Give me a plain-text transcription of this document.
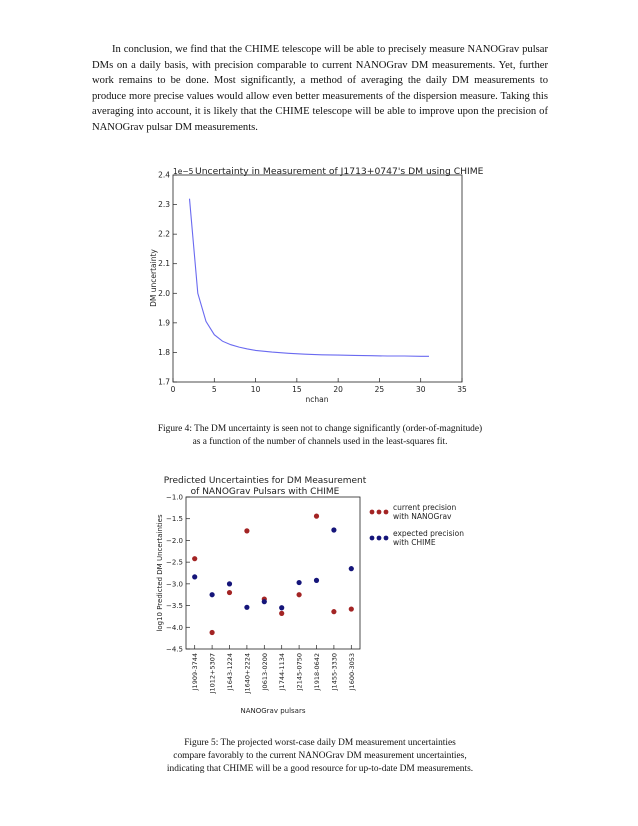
In conclusion, we find that the CHIME telescope will be able to precisely measure NANOGrav pulsar DMs on a daily basis, with precision comparable to current NANOGrav DM measurements. Yet, further work remains to be done. Most significantly, a method of averaging the daily DM measurements to produce more precise values would allow even better measurements of the dispersion measure. Taking this averaging into account, it is likely that the CHIME telescope will be able to improve upon the precision of NANOGrav pulsar DM measurements.

Uncertainty in Measurement of J1713+0747's DM using CHIME
1e−5
0	5	10	15	20	25	30	35
1.7
1.8
1.9
2.0
2.1
2.2
2.3
2.4
nchan
DM uncertainty

Figure 4: The DM uncertainty is seen not to change significantly (order-of-magnitude)
as a function of the number of channels used in the least-squares fit.

Predicted Uncertainties for DM Measurement
of NANOGrav Pulsars with CHIME
−4.5
−4.0
−3.5
−3.0
−2.5
−2.0
−1.5
−1.0
J1909-3744 J1012+5307 J1643-1224 J1640+2224 J0613-0200 J1744-1134 J2145-0750 J1918-0642 J1455-3330 J1600-3053
current precision
with NANOGrav
expected precision
with CHIME
NANOGrav pulsars
log10 Predicted DM Uncertainties

Figure 5: The projected worst-case daily DM measurement uncertainties
compare favorably to the current NANOGrav DM measurement uncertainties,
indicating that CHIME will be a good resource for up-to-date DM measurements.
